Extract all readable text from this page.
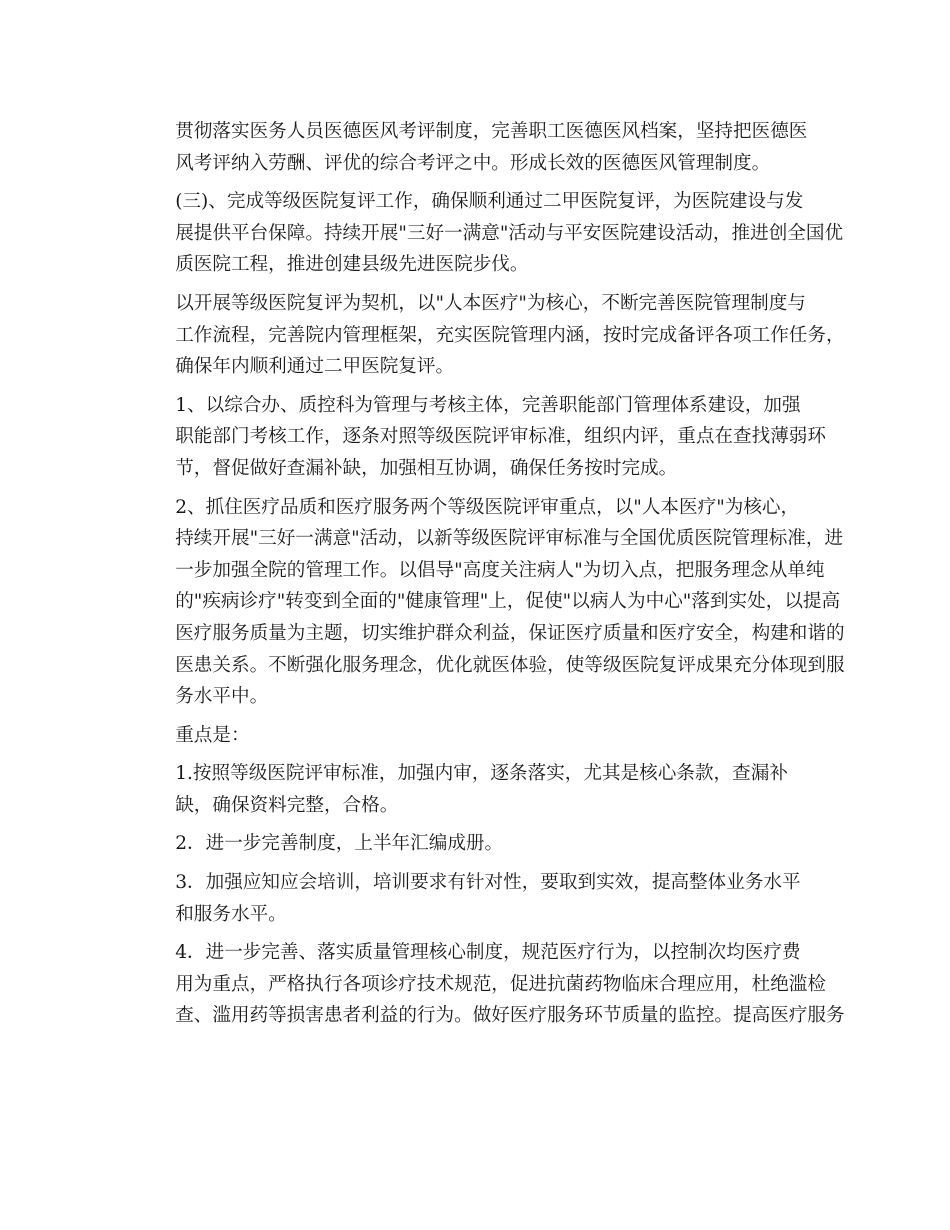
贯彻落实医务人员医德医风考评制度，完善职工医德医风档案，坚持把医德医
风考评纳入劳酬、评优的综合考评之中。形成长效的医德医风管理制度。

(三)、完成等级医院复评工作，确保顺利通过二甲医院复评，为医院建设与发
展提供平台保障。持续开展"三好一满意"活动与平安医院建设活动，推进创全国优
质医院工程，推进创建县级先进医院步伐。

以开展等级医院复评为契机，以"人本医疗"为核心，不断完善医院管理制度与
工作流程，完善院内管理框架，充实医院管理内涵，按时完成备评各项工作任务，
确保年内顺利通过二甲医院复评。

1、以综合办、质控科为管理与考核主体，完善职能部门管理体系建设，加强
职能部门考核工作，逐条对照等级医院评审标准，组织内评，重点在查找薄弱环
节，督促做好查漏补缺，加强相互协调，确保任务按时完成。

2、抓住医疗品质和医疗服务两个等级医院评审重点，以"人本医疗"为核心，
持续开展"三好一满意"活动，以新等级医院评审标准与全国优质医院管理标准，进
一步加强全院的管理工作。以倡导"高度关注病人"为切入点，把服务理念从单纯
的"疾病诊疗"转变到全面的"健康管理"上，促使"以病人为中心"落到实处，以提高
医疗服务质量为主题，切实维护群众利益，保证医疗质量和医疗安全，构建和谐的
医患关系。不断强化服务理念，优化就医体验，使等级医院复评成果充分体现到服
务水平中。

重点是：

1.按照等级医院评审标准，加强内审，逐条落实，尤其是核心条款，查漏补
缺，确保资料完整，合格。

2．进一步完善制度，上半年汇编成册。

3．加强应知应会培训，培训要求有针对性，要取到实效，提高整体业务水平
和服务水平。

4．进一步完善、落实质量管理核心制度，规范医疗行为，以控制次均医疗费
用为重点，严格执行各项诊疗技术规范，促进抗菌药物临床合理应用，杜绝滥检
查、滥用药等损害患者利益的行为。做好医疗服务环节质量的监控。提高医疗服务
